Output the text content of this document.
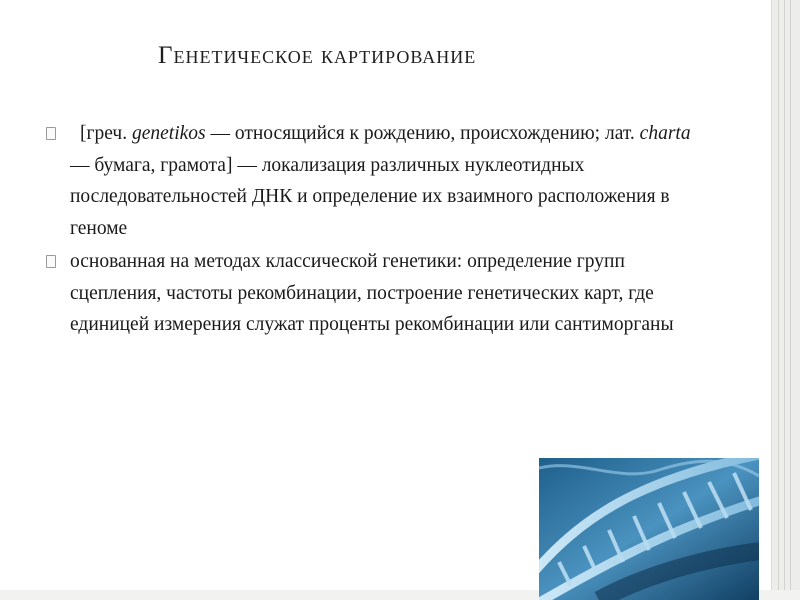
Генетическое картирование
[греч. genetikos — относящийся к рождению, происхождению; лат. charta — бумага, грамота] — локализация различных нуклеотидных последовательностей ДНК и определение их взаимного расположения в геноме
основанная на методах классической генетики: определение групп сцепления, частоты рекомбинации, построение генетических карт, где единицей измерения служат проценты рекомбинации или сантиморганы
